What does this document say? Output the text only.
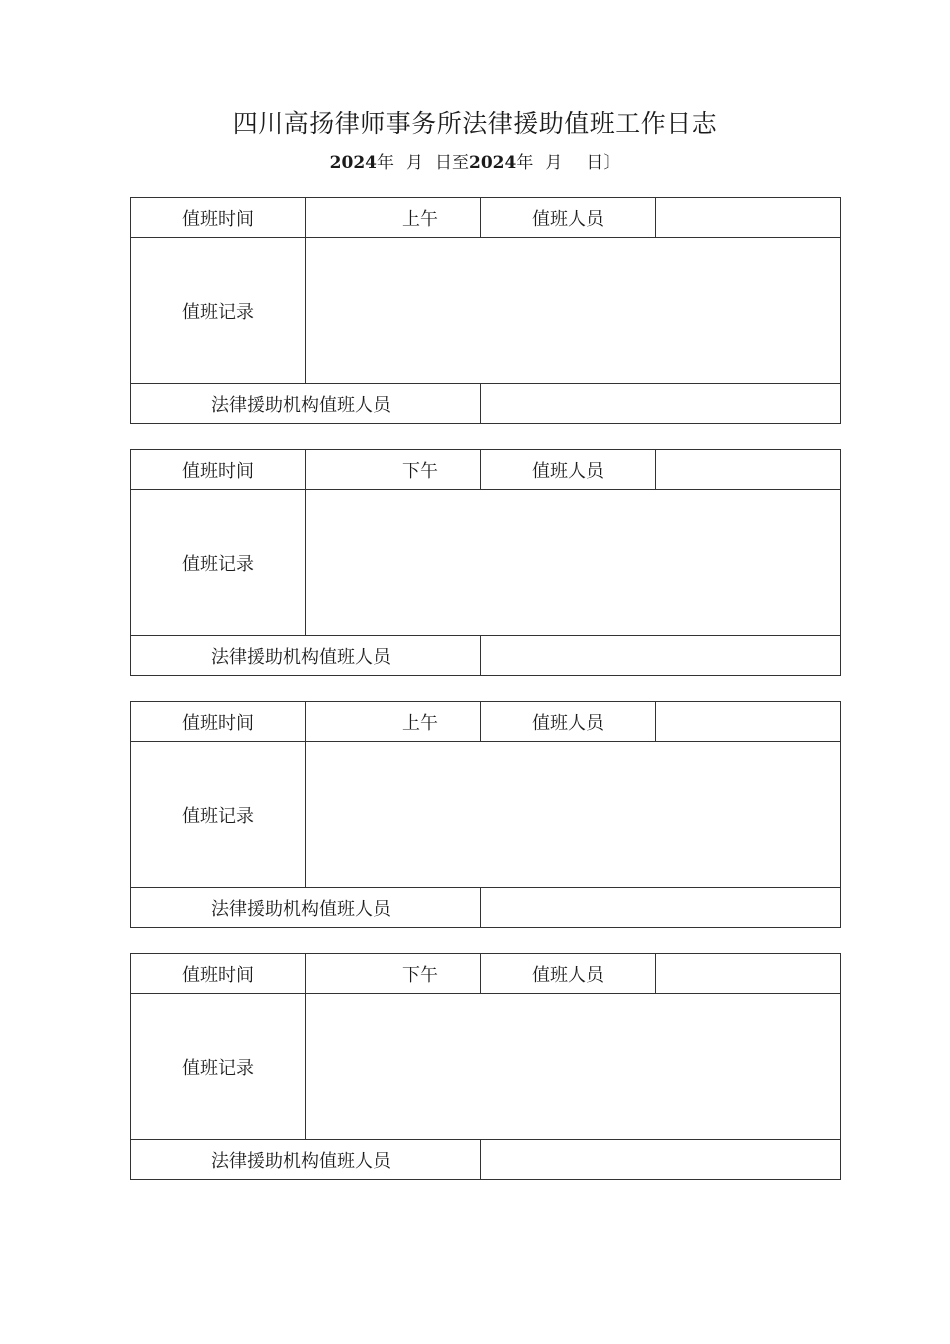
四川高扬律师事务所法律援助值班工作日志
2024年 月 日至2024年 月 日〕
值班时间	上午	值班人员	
值班记录			
法律援助机构值班人员			
值班时间	下午	值班人员	
值班记录			
法律援助机构值班人员			
值班时间	上午	值班人员	
值班记录			
法律援助机构值班人员			
值班时间	下午	值班人员	
值班记录			
法律援助机构值班人员			
